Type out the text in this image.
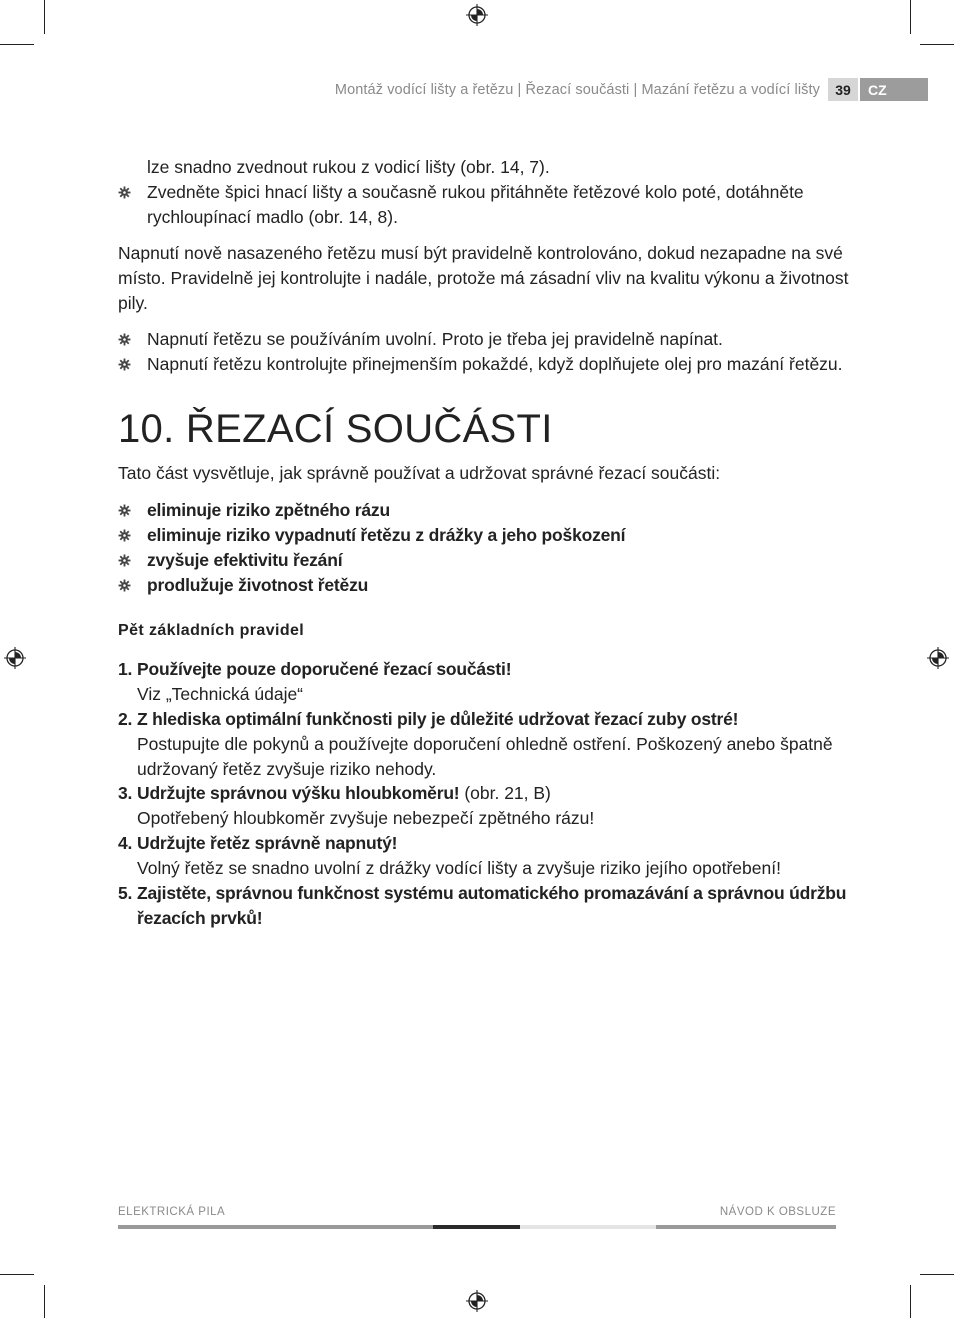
Montáž vodící lišty a řetězu | Řezací součásti | Mazání řetězu a vodící lišty	39	CZ
lze snadno zvednout rukou z vodicí lišty (obr. 14, 7).
Zvedněte špici hnací lišty a současně rukou přitáhněte řetězové kolo poté, dotáhněte
rychloupínací madlo (obr. 14, 8).
Napnutí nově nasazeného řetězu musí být pravidelně kontrolováno, dokud nezapadne na své
místo. Pravidelně jej kontrolujte i nadále, protože má zásadní vliv na kvalitu výkonu a životnost
pily.
Napnutí řetězu se používáním uvolní. Proto je třeba jej pravidelně napínat.
Napnutí řetězu kontrolujte přinejmenším pokaždé, když doplňujete olej pro mazání řetězu.
Tato část vysvětluje, jak správně používat a udržovat správné řezací součásti:
eliminuje riziko zpětného rázu
eliminuje riziko vypadnutí řetězu z drážky a jeho poškození
zvyšuje efektivitu řezání
prodlužuje životnost řetězu
1. Používejte pouze doporučené řezací součásti!
Viz „Technická údaje“
2. Z hlediska optimální funkčnosti pily je důležité udržovat řezací zuby ostré!
Postupujte dle pokynů a používejte doporučení ohledně ostření. Poškozený anebo špatně
udržovaný řetěz zvyšuje riziko nehody.
3. Udržujte správnou výšku hloubkoměru! (obr. 21, B)
Opotřebený hloubkoměr zvyšuje nebezpečí zpětného rázu!
4. Udržujte řetěz správně napnutý!
Volný řetěz se snadno uvolní z drážky vodící lišty a zvyšuje riziko jejího opotřebení!
5. Zajistěte, správnou funkčnost systému automatického promazávání a správnou údržbu
řezacích prvků!
10. ŘEZACÍ SOUČÁSTI
Pět základních pravidel
ELEKTRICKÁ PILA	NÁVOD K OBSLUZE
